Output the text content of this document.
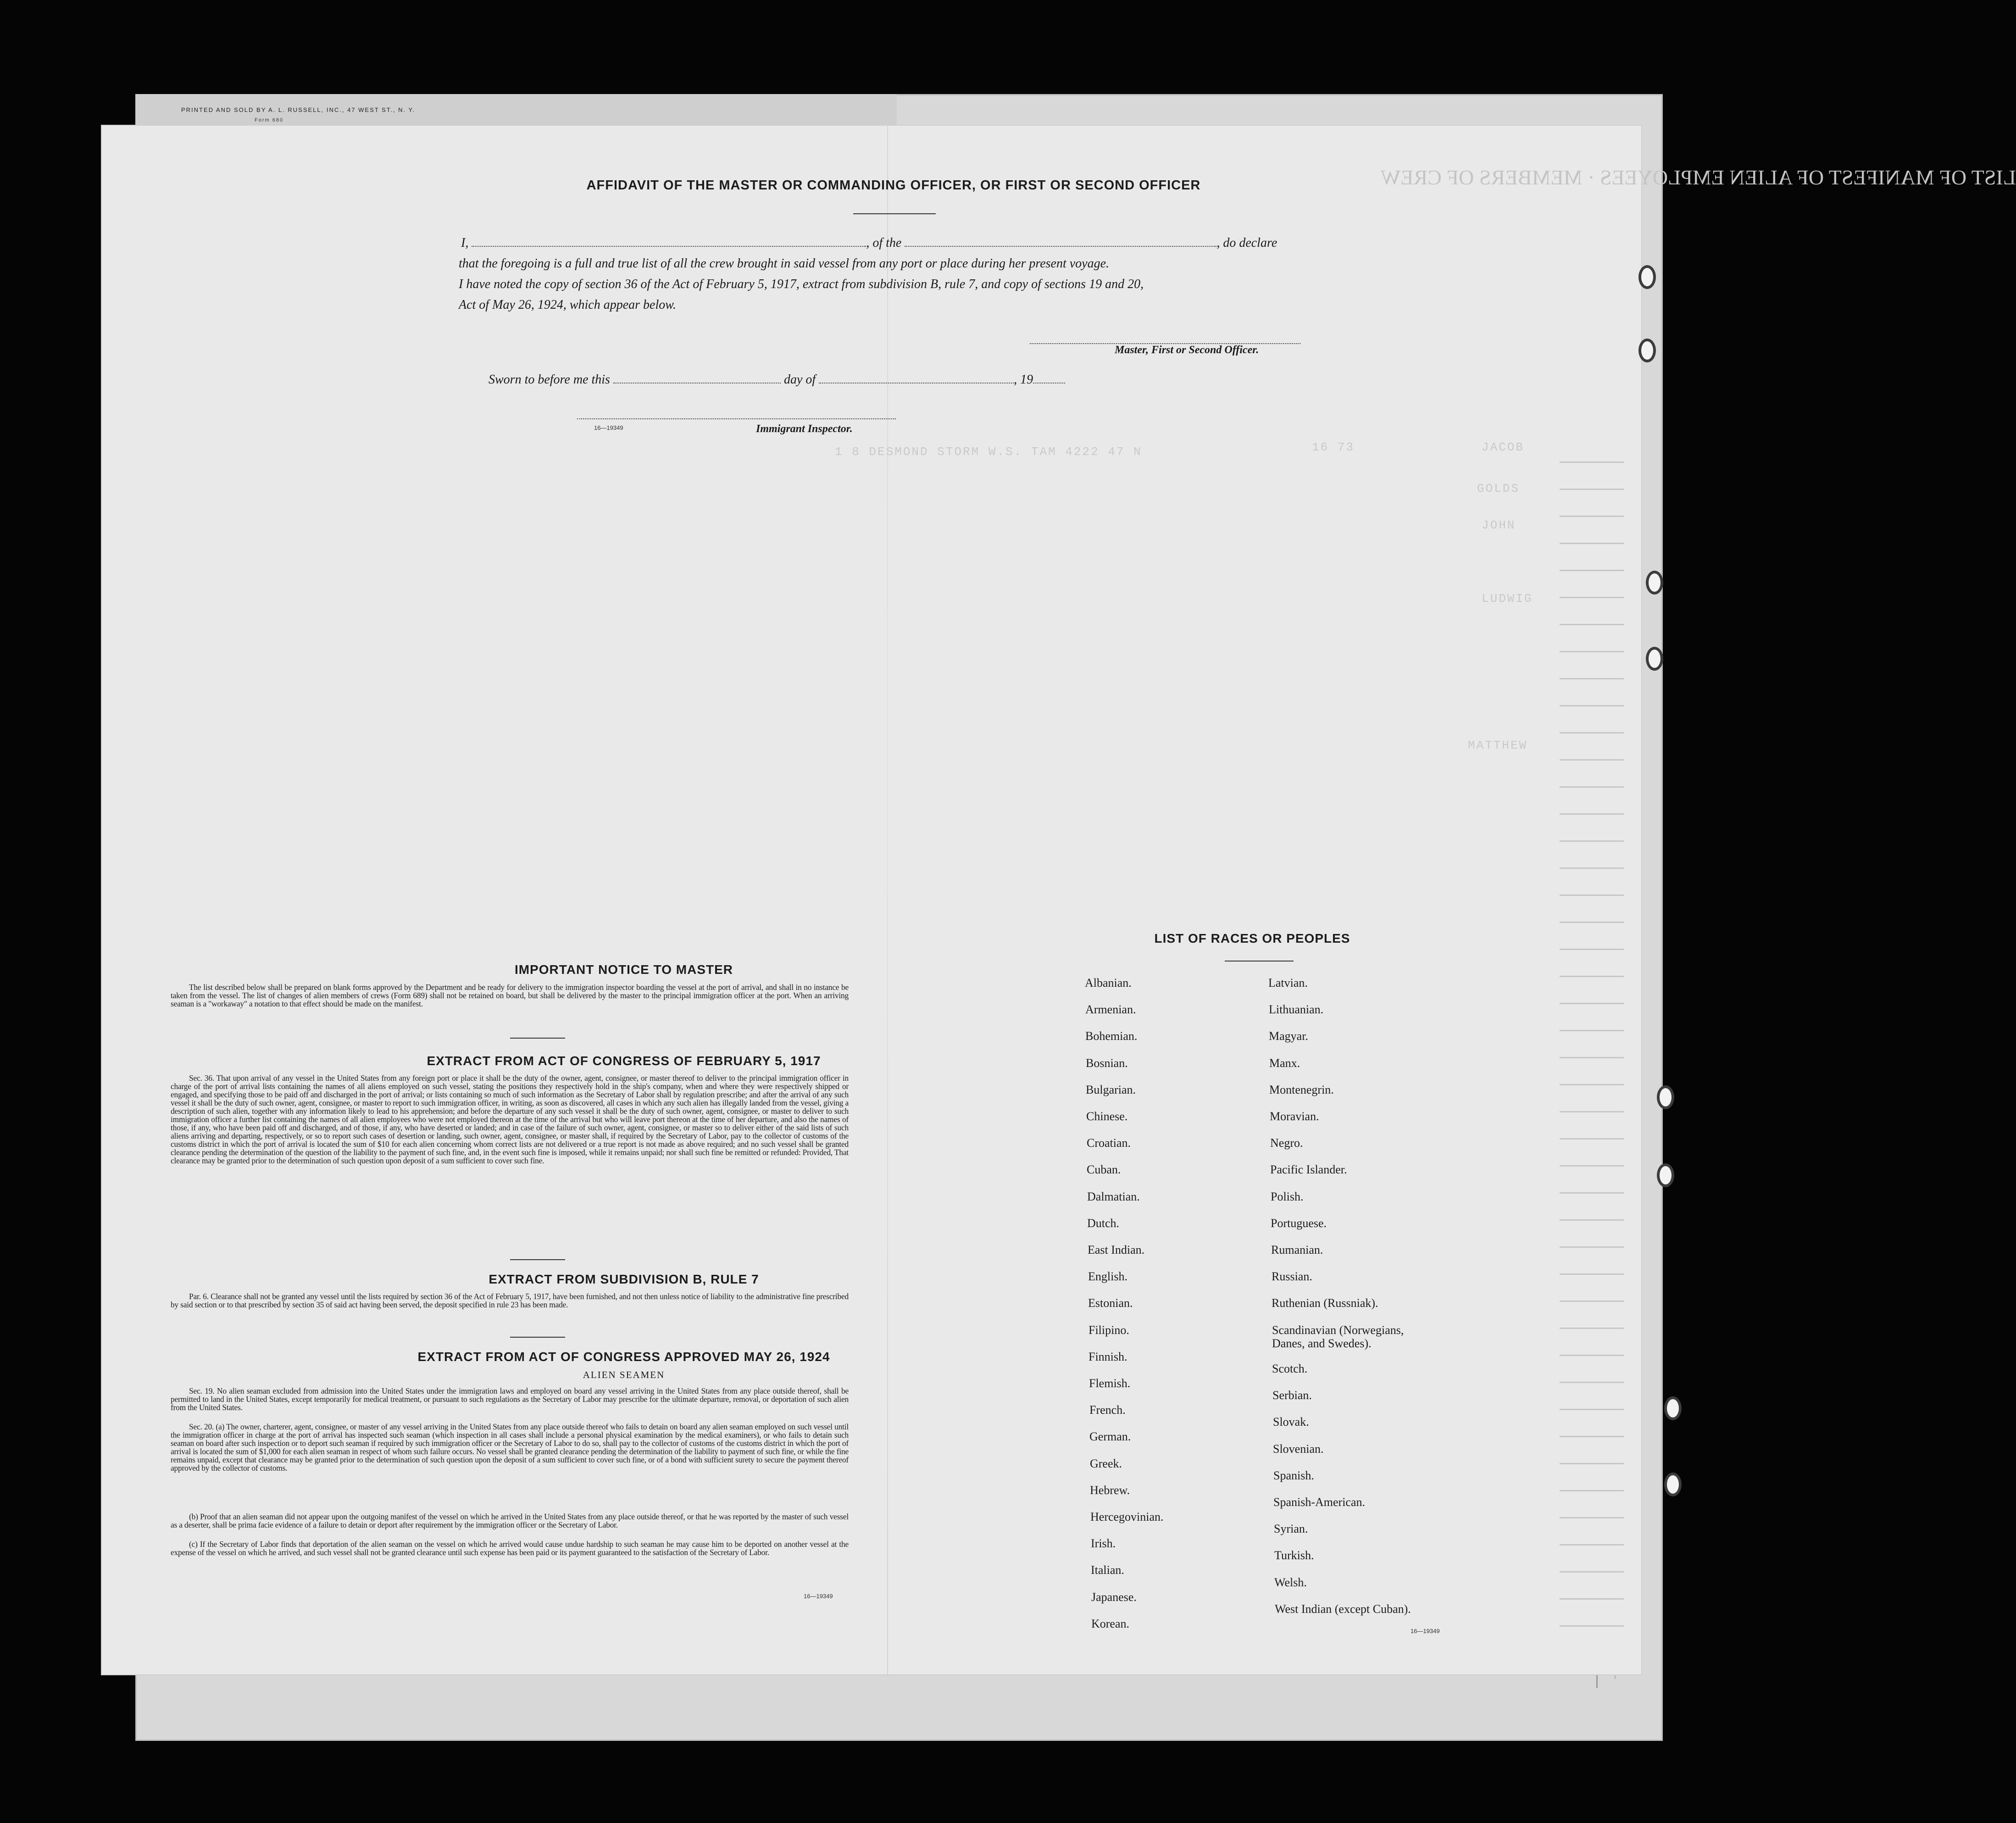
PRINTED AND SOLD BY A. L. RUSSELL, INC., 47 WEST ST., N. Y.
Form 680
LIST OF MANIFEST OF ALIEN EMPLOYEES · MEMBERS OF CREW
JACOB
GOLDS
JOHN
LUDWIG
MATTHEW
16 73
1 8 DESMOND STORM W.S. TAM 4222 47 N
AFFIDAVIT OF THE MASTER OR COMMANDING OFFICER, OR FIRST OR SECOND OFFICER
I,	, of the	, do declare
that the foregoing is a full and true list of all the crew brought in said vessel from any port or place during her present voyage.
I have noted the copy of section 36 of the Act of February 5, 1917, extract from subdivision B, rule 7, and copy of sections 19 and 20,
Act of May 26, 1924, which appear below.
Master, First or Second Officer.
Sworn to before me this	day of	, 19
16—19349	Immigrant Inspector.
IMPORTANT NOTICE TO MASTER
The list described below shall be prepared on blank forms approved by the Department and be ready for delivery to the immigration inspector boarding the vessel at the port of arrival, and shall in no instance be taken from the vessel. The list of changes of alien members of crews (Form 689) shall not be retained on board, but shall be delivered by the master to the principal immigration officer at the port. When an arriving seaman is a "workaway" a notation to that effect should be made on the manifest.
EXTRACT FROM ACT OF CONGRESS OF FEBRUARY 5, 1917
Sec. 36. That upon arrival of any vessel in the United States from any foreign port or place it shall be the duty of the owner, agent, consignee, or master thereof to deliver to the principal immigration officer in charge of the port of arrival lists containing the names of all aliens employed on such vessel, stating the positions they respectively hold in the ship's company, when and where they were respectively shipped or engaged, and specifying those to be paid off and discharged in the port of arrival; or lists containing so much of such information as the Secretary of Labor shall by regulation prescribe; and after the arrival of any such vessel it shall be the duty of such owner, agent, consignee, or master to report to such immigration officer, in writing, as soon as discovered, all cases in which any such alien has illegally landed from the vessel, giving a description of such alien, together with any information likely to lead to his apprehension; and before the departure of any such vessel it shall be the duty of such owner, agent, consignee, or master to deliver to such immigration officer a further list containing the names of all alien employees who were not employed thereon at the time of the arrival but who will leave port thereon at the time of her departure, and also the names of those, if any, who have been paid off and discharged, and of those, if any, who have deserted or landed; and in case of the failure of such owner, agent, consignee, or master so to deliver either of the said lists of such aliens arriving and departing, respectively, or so to report such cases of desertion or landing, such owner, agent, consignee, or master shall, if required by the Secretary of Labor, pay to the collector of customs of the customs district in which the port of arrival is located the sum of $10 for each alien concerning whom correct lists are not delivered or a true report is not made as above required; and no such vessel shall be granted clearance pending the determination of the question of the liability to the payment of such fine, and, in the event such fine is imposed, while it remains unpaid; nor shall such fine be remitted or refunded: Provided, That clearance may be granted prior to the determination of such question upon deposit of a sum sufficient to cover such fine.
EXTRACT FROM SUBDIVISION B, RULE 7
Par. 6. Clearance shall not be granted any vessel until the lists required by section 36 of the Act of February 5, 1917, have been furnished, and not then unless notice of liability to the administrative fine prescribed by said section or to that prescribed by section 35 of said act having been served, the deposit specified in rule 23 has been made.
EXTRACT FROM ACT OF CONGRESS APPROVED MAY 26, 1924
ALIEN SEAMEN
Sec. 19. No alien seaman excluded from admission into the United States under the immigration laws and employed on board any vessel arriving in the United States from any place outside thereof, shall be permitted to land in the United States, except temporarily for medical treatment, or pursuant to such regulations as the Secretary of Labor may prescribe for the ultimate departure, removal, or deportation of such alien from the United States.
Sec. 20. (a) The owner, charterer, agent, consignee, or master of any vessel arriving in the United States from any place outside thereof who fails to detain on board any alien seaman employed on such vessel until the immigration officer in charge at the port of arrival has inspected such seaman (which inspection in all cases shall include a personal physical examination by the medical examiners), or who fails to detain such seaman on board after such inspection or to deport such seaman if required by such immigration officer or the Secretary of Labor to do so, shall pay to the collector of customs of the customs district in which the port of arrival is located the sum of $1,000 for each alien seaman in respect of whom such failure occurs. No vessel shall be granted clearance pending the determination of the liability to payment of such fine, or while the fine remains unpaid, except that clearance may be granted prior to the determination of such question upon the deposit of a sum sufficient to cover such fine, or of a bond with sufficient surety to secure the payment thereof approved by the collector of customs.
(b) Proof that an alien seaman did not appear upon the outgoing manifest of the vessel on which he arrived in the United States from any place outside thereof, or that he was reported by the master of such vessel as a deserter, shall be prima facie evidence of a failure to detain or deport after requirement by the immigration officer or the Secretary of Labor.
(c) If the Secretary of Labor finds that deportation of the alien seaman on the vessel on which he arrived would cause undue hardship to such seaman he may cause him to be deported on another vessel at the expense of the vessel on which he arrived, and such vessel shall not be granted clearance until such expense has been paid or its payment guaranteed to the satisfaction of the Secretary of Labor.
16—19349
LIST OF RACES OR PEOPLES
Albanian.
Armenian.
Bohemian.
Bosnian.
Bulgarian.
Chinese.
Croatian.
Cuban.
Dalmatian.
Dutch.
East Indian.
English.
Estonian.
Filipino.
Finnish.
Flemish.
French.
German.
Greek.
Hebrew.
Hercegovinian.
Irish.
Italian.
Japanese.
Korean.
Latvian.
Lithuanian.
Magyar.
Manx.
Montenegrin.
Moravian.
Negro.
Pacific Islander.
Polish.
Portuguese.
Rumanian.
Russian.
Ruthenian (Russniak).
Scandinavian (Norwegians, Danes, and Swedes).
Scotch.
Serbian.
Slovak.
Slovenian.
Spanish.
Spanish-American.
Syrian.
Turkish.
Welsh.
West Indian (except Cuban).
16—19349
